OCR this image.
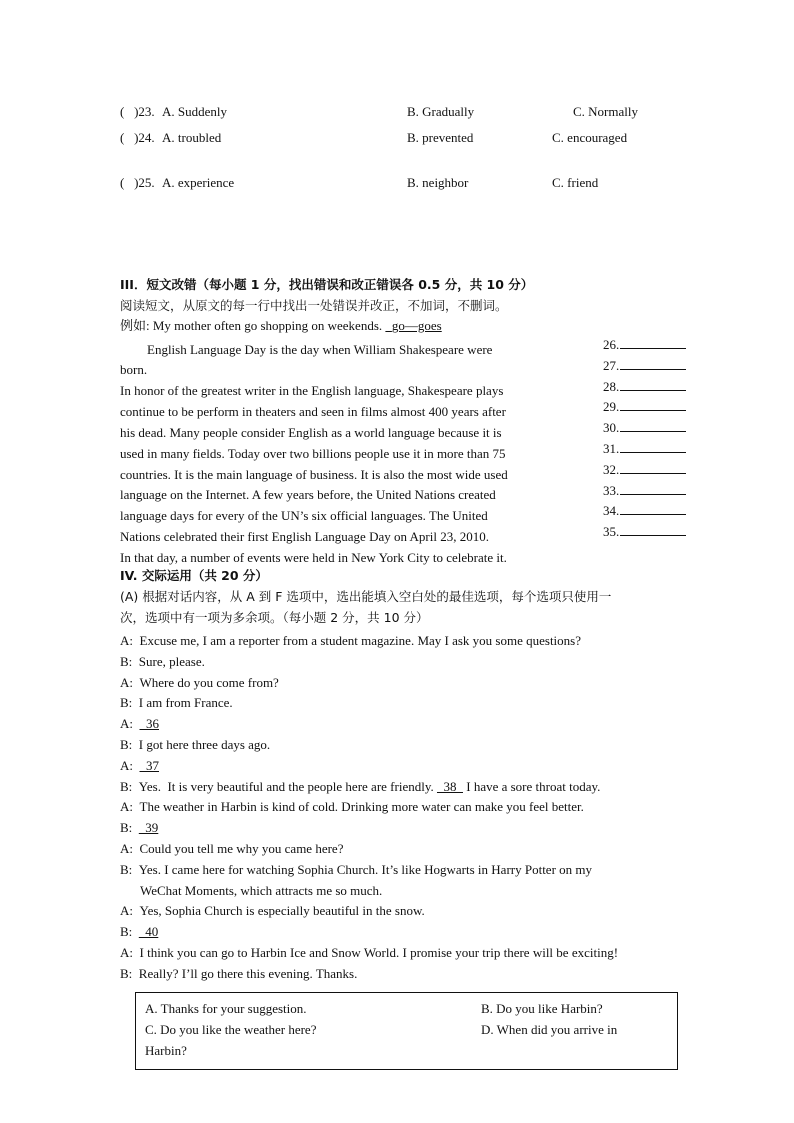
(   )23. A. Suddenly	B. Gradually	C. Normally
(   )24. A. troubled	B. prevented	C. encouraged
(   )25. A. experience	B. neighbor	C. friend
III．短文改错（每小题 1 分，找出错误和改正错误各 0.5 分，共 10 分）
阅读短文，从原文的每一行中找出一处错误并改正，不加词，不删词。
例如: My mother often go shopping on weekends.   go—goes
English Language Day is the day when William Shakespeare were
born.
In honor of the greatest writer in the English language, Shakespeare plays
continue to be perform in theaters and seen in films almost 400 years after
his dead. Many people consider English as a world language because it is
used in many fields. Today over two billions people use it in more than 75
countries. It is the main language of business. It is also the most wide used
language on the Internet. A few years before, the United Nations created
language days for every of the UN’s six official languages. The United
Nations celebrated their first English Language Day on April 23, 2010.
In that day, a number of events were held in New York City to celebrate it.
26.
27.
28.
29.
30.
31.
32.
33.
34.
35.
IV. 交际运用（共 20 分）
(A) 根据对话内容，从 A 到 F 选项中，选出能填入空白处的最佳选项，每个选项只使用一
次，选项中有一项为多余项。（每小题 2 分，共 10 分）
A: Excuse me, I am a reporter from a student magazine. May I ask you some questions?
B: Sure, please.
A: Where do you come from?
B: I am from France.
A:    36
B: I got here three days ago.
A:    37
B: Yes.  It is very beautiful and the people here are friendly.   38   I have a sore throat today.
A: The weather in Harbin is kind of cold. Drinking more water can make you feel better.
B:    39
A: Could you tell me why you came here?
B: Yes. I came here for watching Sophia Church. It’s like Hogwarts in Harry Potter on my
WeChat Moments, which attracts me so much.
A: Yes, Sophia Church is especially beautiful in the snow.
B:    40
A: I think you can go to Harbin Ice and Snow World. I promise your trip there will be exciting!
B: Really? I’ll go there this evening. Thanks.
A. Thanks for your suggestion.	B. Do you like Harbin?
C. Do you like the weather here?	D. When did you arrive in
Harbin?
